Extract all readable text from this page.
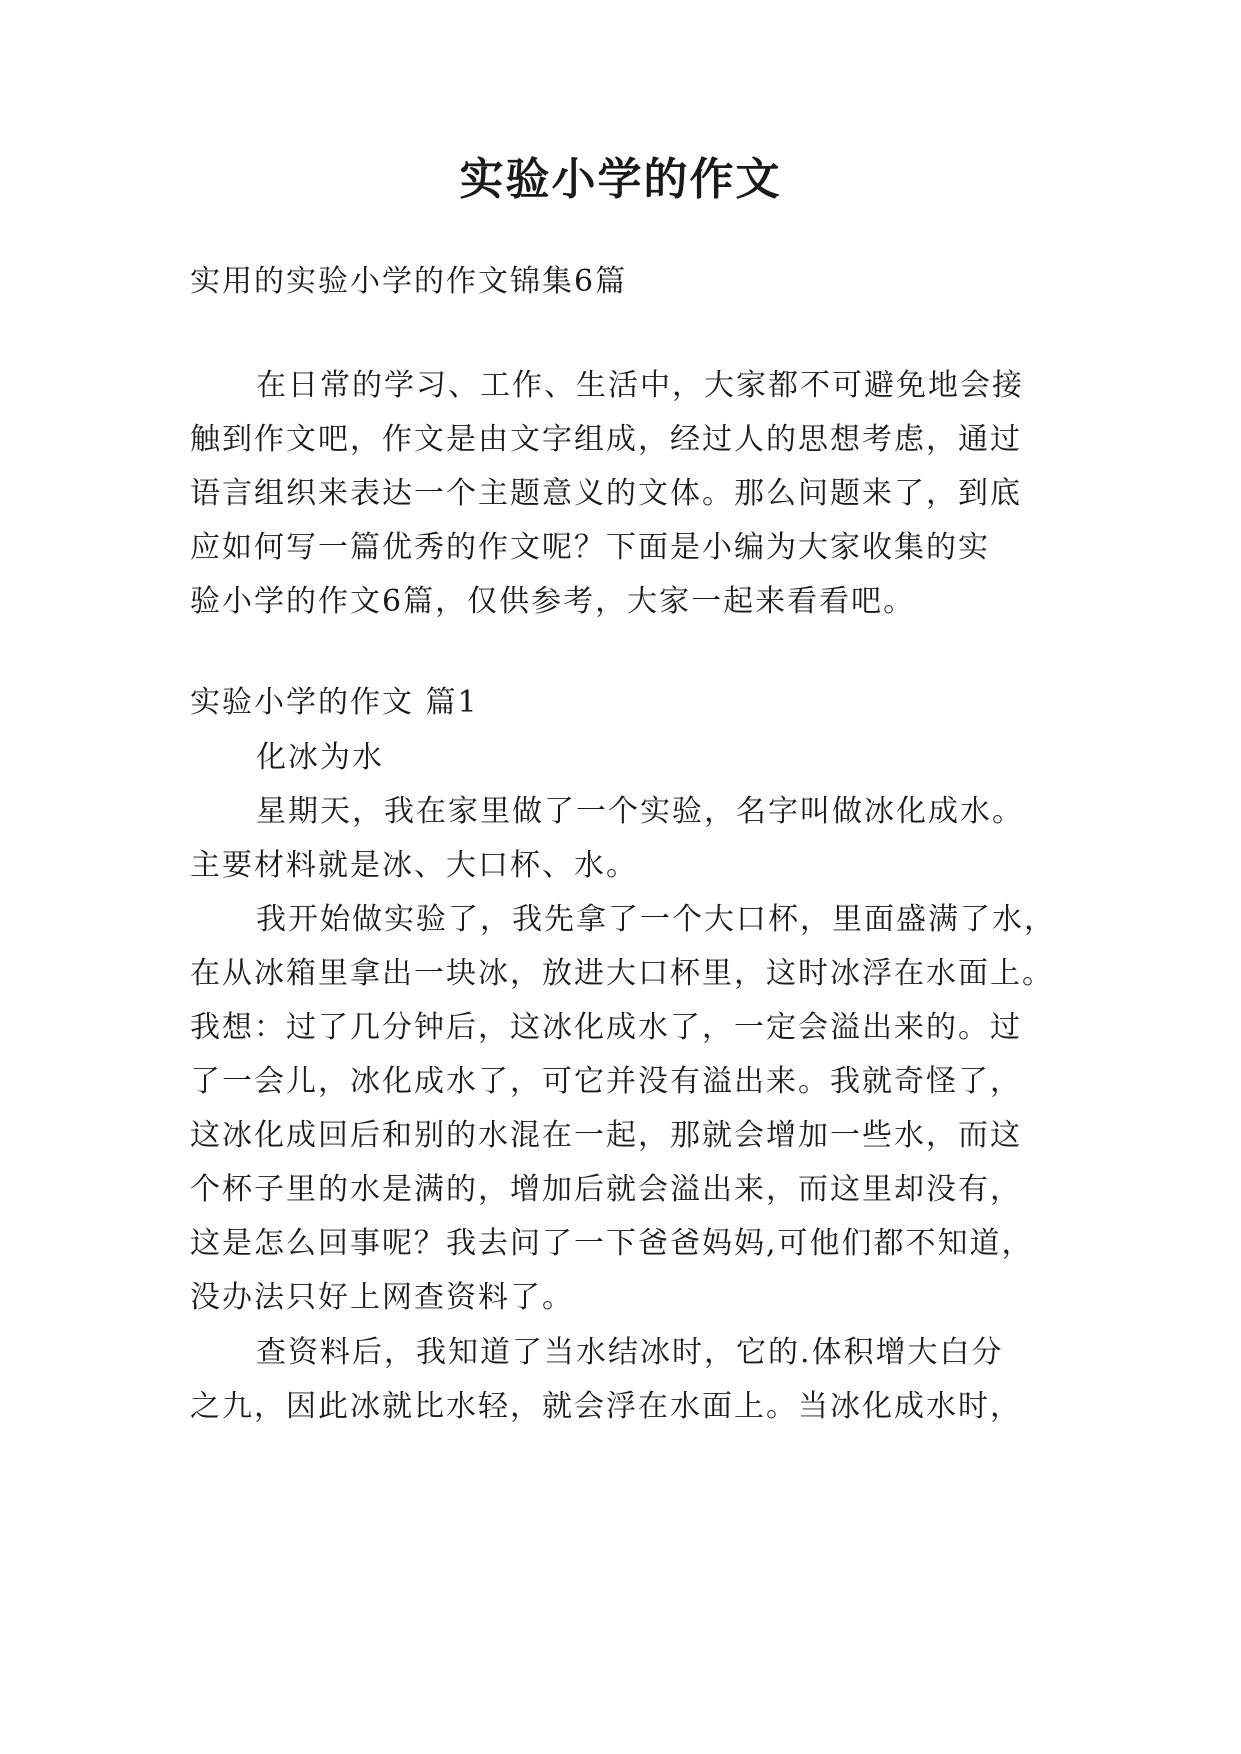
实验小学的作文
实用的实验小学的作文锦集6篇
在日常的学习、工作、生活中，大家都不可避免地会接
触到作文吧，作文是由文字组成，经过人的思想考虑，通过
语言组织来表达一个主题意义的文体。那么问题来了，到底
应如何写一篇优秀的作文呢？下面是小编为大家收集的实
验小学的作文6篇，仅供参考，大家一起来看看吧。
实验小学的作文 篇1
化冰为水
星期天，我在家里做了一个实验，名字叫做冰化成水。
主要材料就是冰、大口杯、水。
我开始做实验了，我先拿了一个大口杯，里面盛满了水，
在从冰箱里拿出一块冰，放进大口杯里，这时冰浮在水面上。
我想：过了几分钟后，这冰化成水了，一定会溢出来的。过
了一会儿，冰化成水了，可它并没有溢出来。我就奇怪了，
这冰化成回后和别的水混在一起，那就会增加一些水，而这
个杯子里的水是满的，增加后就会溢出来，而这里却没有，
这是怎么回事呢？我去问了一下爸爸妈妈,可他们都不知道，
没办法只好上网查资料了。
查资料后，我知道了当水结冰时，它的.体积增大白分
之九，因此冰就比水轻，就会浮在水面上。当冰化成水时，
